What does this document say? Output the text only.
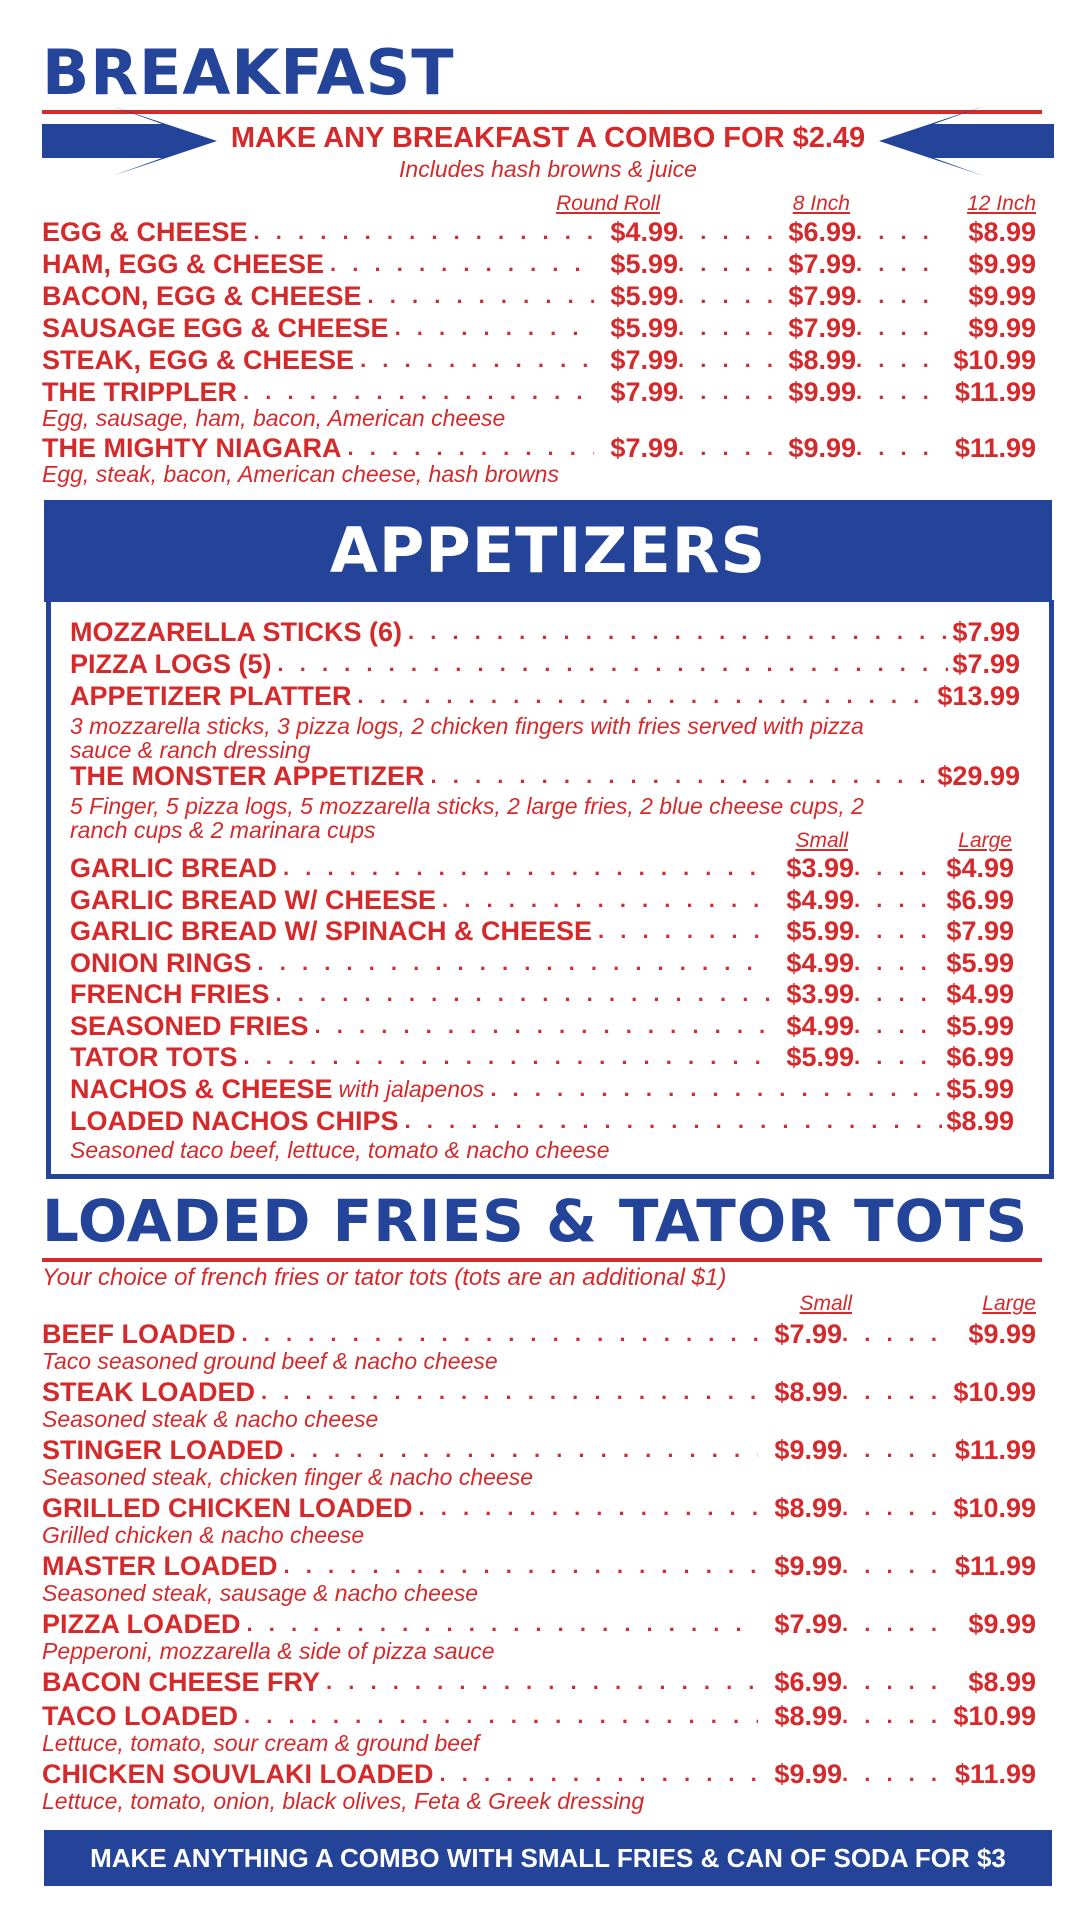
BREAKFAST
MAKE ANY BREAKFAST A COMBO FOR $2.49
Includes hash browns & juice
Round Roll	8 Inch	12 Inch
EGG & CHEESE . . .	$4.99 . . .	$6.99 . . .	$8.99
HAM, EGG & CHEESE . . .	$5.99 . . .	$7.99 . . .	$9.99
BACON, EGG & CHEESE . . .	$5.99 . . .	$7.99 . . .	$9.99
SAUSAGE EGG & CHEESE . . .	$5.99 . . .	$7.99 . . .	$9.99
STEAK, EGG & CHEESE . . .	$7.99 . . .	$8.99 . . .	$10.99
THE TRIPPLER . . .	$7.99 . . .	$9.99 . . .	$11.99
Egg, sausage, ham, bacon, American cheese
THE MIGHTY NIAGARA . . .	$7.99 . . .	$9.99 . . .	$11.99
Egg, steak, bacon, American cheese, hash browns
APPETIZERS
MOZZARELLA STICKS (6) . . .	$7.99
PIZZA LOGS (5) . . .	$7.99
APPETIZER PLATTER . . .	$13.99
3 mozzarella sticks, 3 pizza logs, 2 chicken fingers with fries served with pizza
sauce & ranch dressing
THE MONSTER APPETIZER . . .	$29.99
5 Finger, 5 pizza logs, 5 mozzarella sticks, 2 large fries, 2 blue cheese cups, 2
ranch cups & 2 marinara cups	Small	Large
GARLIC BREAD . . .	$3.99 . . .	$4.99
GARLIC BREAD W/ CHEESE . . .	$4.99 . . .	$6.99
GARLIC BREAD W/ SPINACH & CHEESE . . .	$5.99 . . .	$7.99
ONION RINGS . . .	$4.99 . . .	$5.99
FRENCH FRIES . . .	$3.99 . . .	$4.99
SEASONED FRIES . . .	$4.99 . . .	$5.99
TATOR TOTS . . .	$5.99 . . .	$6.99
NACHOS & CHEESE with jalapenos . . .	$5.99
LOADED NACHOS CHIPS . . .	$8.99
Seasoned taco beef, lettuce, tomato & nacho cheese
LOADED FRIES & TATOR TOTS
Your choice of french fries or tator tots (tots are an additional $1)
Small	Large
BEEF LOADED . . .	$7.99 . . .	$9.99
Taco seasoned ground beef & nacho cheese
STEAK LOADED . . .	$8.99 . . .	$10.99
Seasoned steak & nacho cheese
STINGER LOADED . . .	$9.99 . . .	$11.99
Seasoned steak, chicken finger & nacho cheese
GRILLED CHICKEN LOADED . . .	$8.99 . . .	$10.99
Grilled chicken & nacho cheese
MASTER LOADED . . .	$9.99 . . .	$11.99
Seasoned steak, sausage & nacho cheese
PIZZA LOADED . . .	$7.99 . . .	$9.99
Pepperoni, mozzarella & side of pizza sauce
BACON CHEESE FRY . . .	$6.99 . . .	$8.99
TACO LOADED . . .	$8.99 . . .	$10.99
Lettuce, tomato, sour cream & ground beef
CHICKEN SOUVLAKI LOADED . . .	$9.99 . . .	$11.99
Lettuce, tomato, onion, black olives, Feta & Greek dressing
MAKE ANYTHING A COMBO WITH SMALL FRIES & CAN OF SODA FOR $3
